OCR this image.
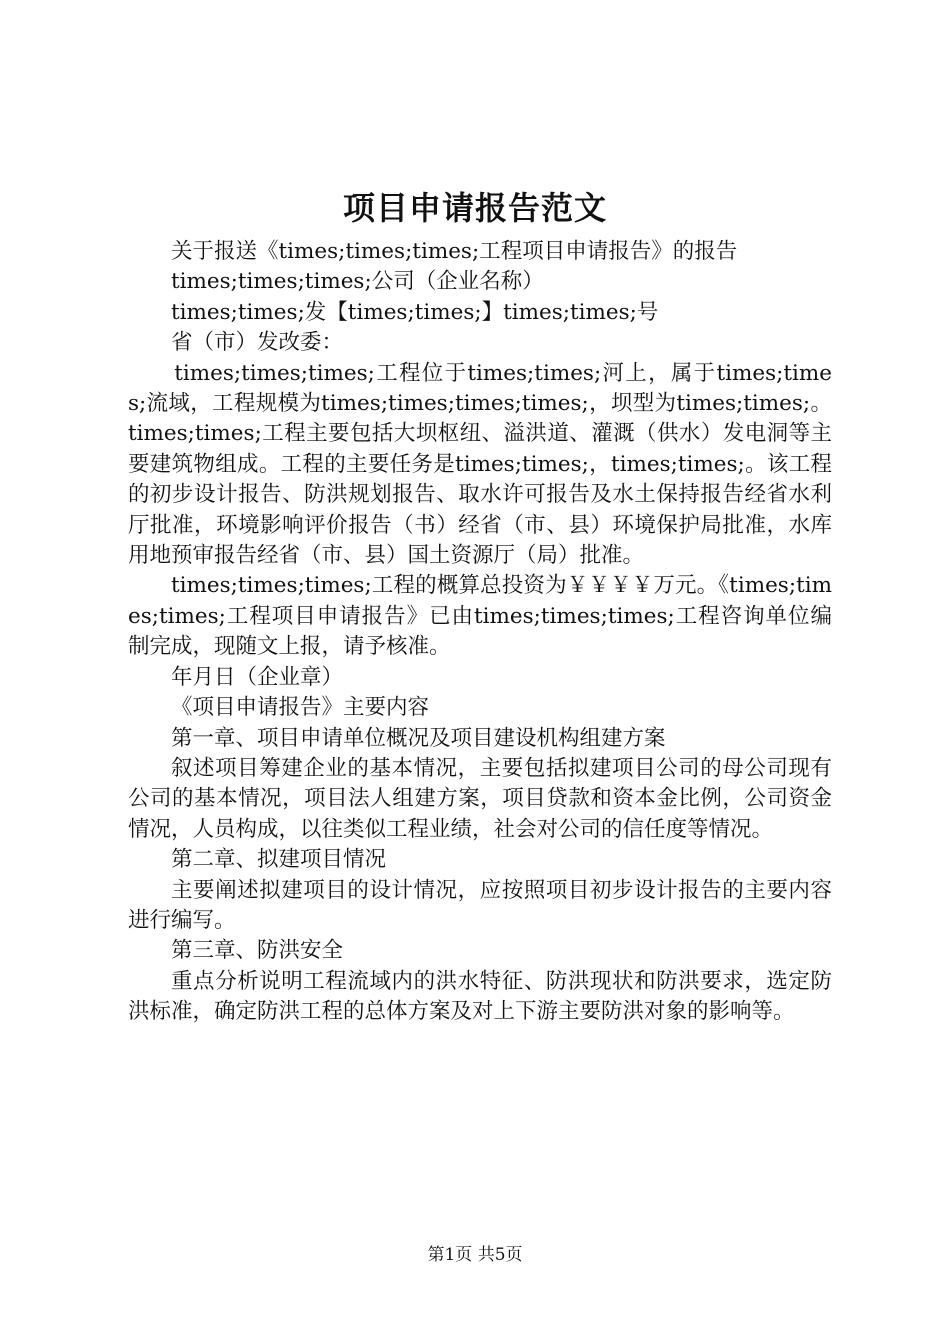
项目申请报告范文

关于报送《times;times;times;工程项目申请报告》的报告

times;times;times;公司（企业名称）

times;times;发【times;times;】times;times;号

省（市）发改委：

times;times;times;工程位于times;times;河上，属于times;times;流域，工程规模为times;times;times;times;，坝型为times;times;。times;times;工程主要包括大坝枢纽、溢洪道、灌溉（供水）发电洞等主要建筑物组成。工程的主要任务是times;times;，times;times;。该工程的初步设计报告、防洪规划报告、取水许可报告及水土保持报告经省水利厅批准，环境影响评价报告（书）经省（市、县）环境保护局批准，水库用地预审报告经省（市、县）国土资源厅（局）批准。

times;times;times;工程的概算总投资为￥￥￥￥万元。《times;times;times;工程项目申请报告》已由times;times;times;工程咨询单位编制完成，现随文上报，请予核准。

年月日（企业章）

《项目申请报告》主要内容

第一章、项目申请单位概况及项目建设机构组建方案

叙述项目筹建企业的基本情况，主要包括拟建项目公司的母公司现有公司的基本情况，项目法人组建方案，项目贷款和资本金比例，公司资金情况，人员构成，以往类似工程业绩，社会对公司的信任度等情况。

第二章、拟建项目情况

主要阐述拟建项目的设计情况，应按照项目初步设计报告的主要内容进行编写。

第三章、防洪安全

重点分析说明工程流域内的洪水特征、防洪现状和防洪要求，选定防洪标准，确定防洪工程的总体方案及对上下游主要防洪对象的影响等。

第1页 共5页
